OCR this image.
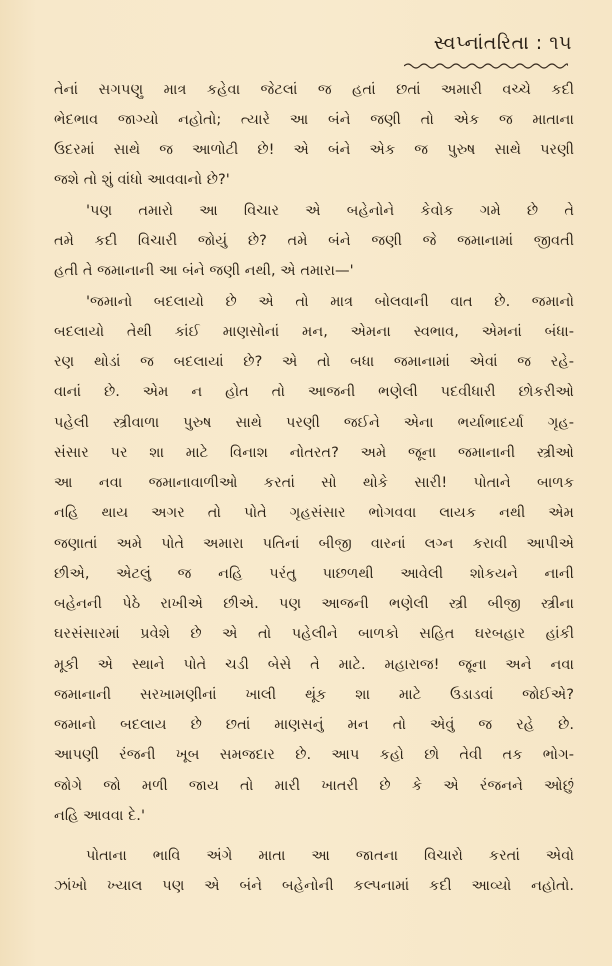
સ્વપ્નાંતરિતા : ૧૫
તેનાં સગપણુ માત્ર કહેવા જેટલાં જ હતાં છતાં અમારી વચ્ચે કદી
ભેદભાવ જાગ્યો નહોતો; ત્યારે આ બંને જણી તો એક જ માતાના
ઉદરમાં સાથે જ આળોટી છે! એ બંને એક જ પુરુષ સાથે પરણી
જશે તો શું વાંધો આવવાનો છે?'
'પણ તમારો આ વિચાર એ બહેનોને કેવોક ગમે છે તે
તમે કદી વિચારી જોયું છે? તમે બંને જણી જે જમાનામાં જીવતી
હતી તે જમાનાની આ બંને જણી નથી, એ તમારા—'
'જમાનો બદલાયો છે એ તો માત્ર બોલવાની વાત છે. જમાનો
બદલાયો તેથી કાંઈ માણસોનાં મન, એમના સ્વભાવ, એમનાં બંધા-
રણ થોડાં જ બદલાયાં છે? એ તો બધા જમાનામાં એવાં જ રહે-
વાનાં છે. એમ ન હોત તો આજની ભણેલી પદવીધારી છોકરીઓ
પહેલી સ્ત્રીવાળા પુરુષ સાથે પરણી જઈને એના ભર્યાભાદર્યા ગૃહ-
સંસાર પર શા માટે વિનાશ નોતરત? અમે જૂના જમાનાની સ્ત્રીઓ
આ નવા જમાનાવાળીઓ કરતાં સો થોકે સારી! પોતાને બાળક
નહિ થાય અગર તો પોતે ગૃહસંસાર ભોગવવા લાયક નથી એમ
જણાતાં અમે પોતે અમારા પતિનાં બીજી વારનાં લગ્ન કરાવી આપીએ
છીએ, એટલું જ નહિ પરંતુ પાછળથી આવેલી શોકયને નાની
બહેનની પેઠે રાખીએ છીએ. પણ આજની ભણેલી સ્ત્રી બીજી સ્ત્રીના
ઘરસંસારમાં પ્રવેશે છે એ તો પહેલીને બાળકો સહિત ઘરબહાર હાંકી
મૂકી એ સ્થાને પોતે ચડી બેસે તે માટે. મહારાજ! જૂના અને નવા
જમાનાની સરખામણીનાં ખાલી થૂંક શા માટે ઉડાડવાં જોઈએ?
જમાનો બદલાય છે છતાં માણસનું મન તો એવું જ રહે છે.
આપણી રંજની ખૂબ સમજદાર છે. આપ કહો છો તેવી તક ભોગ-
જોગે જો મળી જાય તો મારી ખાતરી છે કે એ રંજનને ઓછું
નહિ આવવા દે.'
પોતાના ભાવિ અંગે માતા આ જાતના વિચારો કરતાં એવો
ઝાંખો ખ્યાલ પણ એ બંને બહેનોની કલ્પનામાં કદી આવ્યો નહોતો.
